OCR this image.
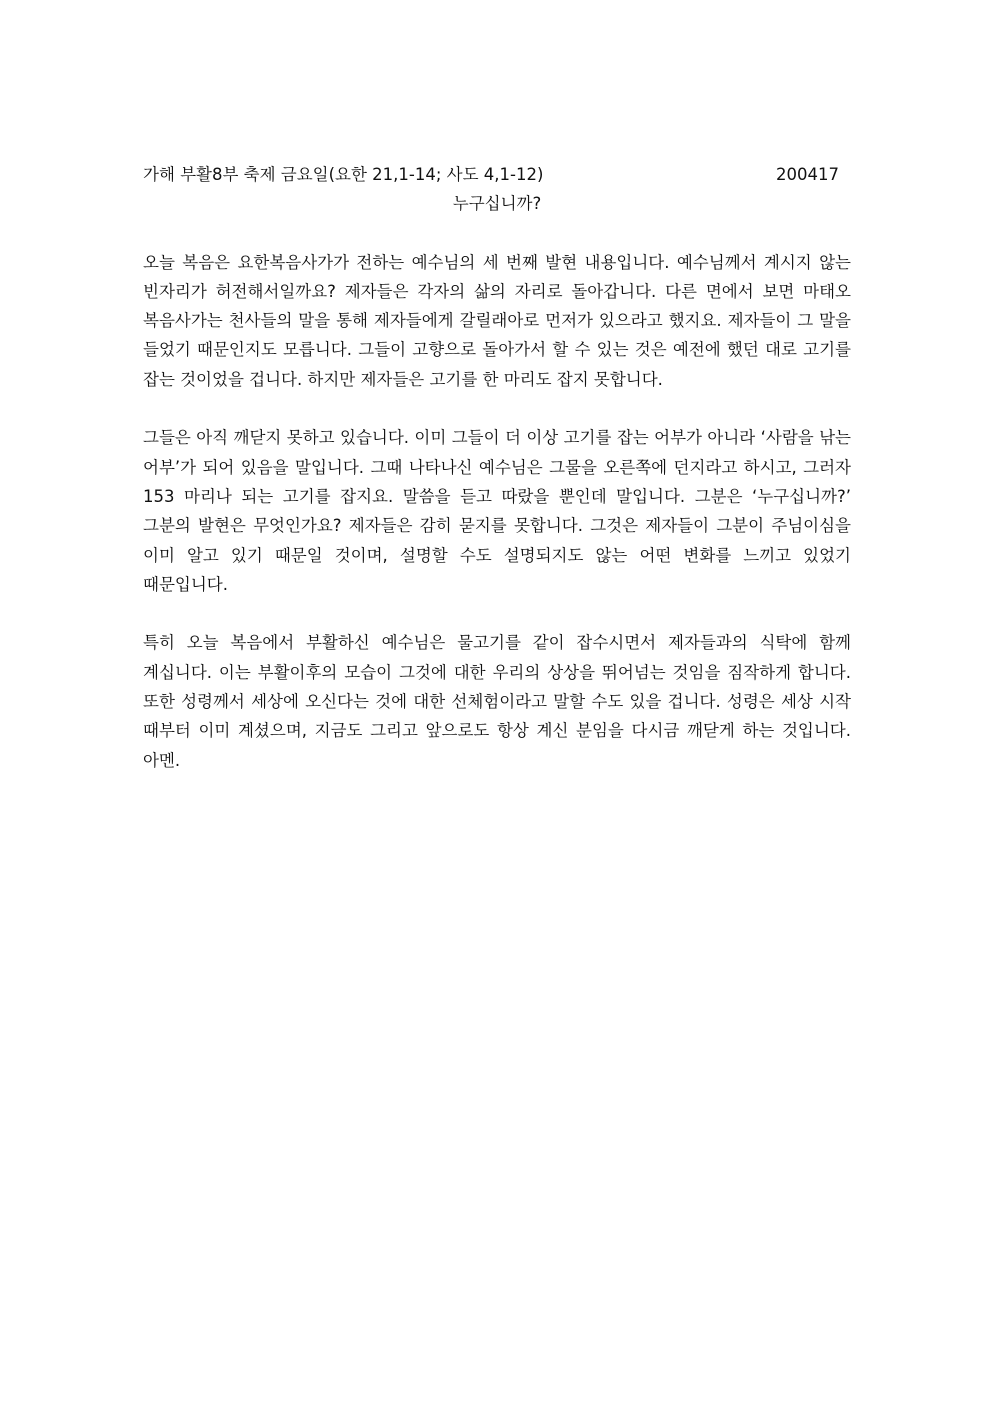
가해 부활8부 축제 금요일(요한 21,1-14; 사도 4,1-12)	200417
누구십니까?

오늘 복음은 요한복음사가가 전하는 예수님의 세 번째 발현 내용입니다. 예수님께서 계시지 않는 빈자리가 허전해서일까요? 제자들은 각자의 삶의 자리로 돌아갑니다. 다른 면에서 보면 마태오 복음사가는 천사들의 말을 통해 제자들에게 갈릴래아로 먼저가 있으라고 했지요. 제자들이 그 말을 들었기 때문인지도 모릅니다. 그들이 고향으로 돌아가서 할 수 있는 것은 예전에 했던 대로 고기를 잡는 것이었을 겁니다. 하지만 제자들은 고기를 한 마리도 잡지 못합니다.

그들은 아직 깨닫지 못하고 있습니다. 이미 그들이 더 이상 고기를 잡는 어부가 아니라 ‘사람을 낚는 어부’가 되어 있음을 말입니다. 그때 나타나신 예수님은 그물을 오른쪽에 던지라고 하시고, 그러자 153 마리나 되는 고기를 잡지요. 말씀을 듣고 따랐을 뿐인데 말입니다. 그분은 ‘누구십니까?’ 그분의 발현은 무엇인가요? 제자들은 감히 묻지를 못합니다. 그것은 제자들이 그분이 주님이심을 이미 알고 있기 때문일 것이며, 설명할 수도 설명되지도 않는 어떤 변화를 느끼고 있었기 때문입니다.

특히 오늘 복음에서 부활하신 예수님은 물고기를 같이 잡수시면서 제자들과의 식탁에 함께 계십니다. 이는 부활이후의 모습이 그것에 대한 우리의 상상을 뛰어넘는 것임을 짐작하게 합니다. 또한 성령께서 세상에 오신다는 것에 대한 선체험이라고 말할 수도 있을 겁니다. 성령은 세상 시작 때부터 이미 계셨으며, 지금도 그리고 앞으로도 항상 계신 분임을 다시금 깨닫게 하는 것입니다. 아멘.
